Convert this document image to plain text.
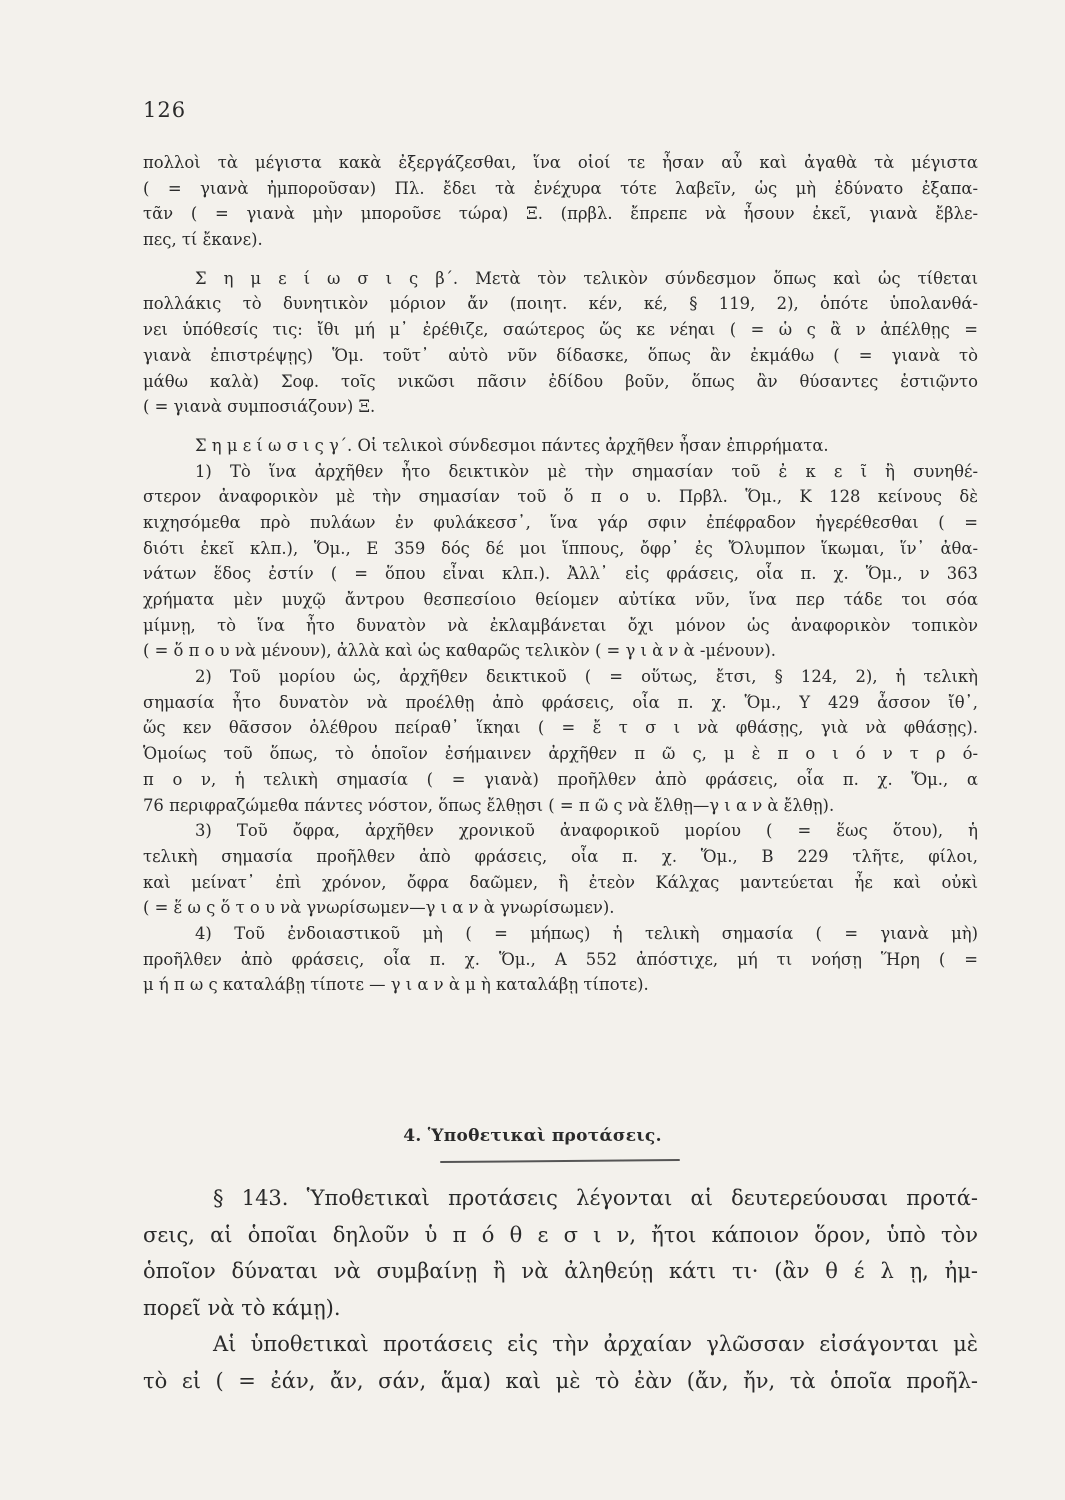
126
πολλοὶ τὰ μέγιστα κακὰ ἐξεργάζεσθαι, ἵνα οἱοί τε ἦσαν αὖ καὶ ἀγαθὰ τὰ μέγιστα
( = γιανὰ ἠμποροῦσαν) Πλ. ἔδει τὰ ἐνέχυρα τότε λαβεῖν, ὡς μὴ ἐδύνατο ἐξαπα-
τᾶν ( = γιανὰ μὴν μποροῦσε τώρα) Ξ. (πρβλ. ἔπρεπε νὰ ἦσουν ἐκεῖ, γιανὰ ἔβλε-
πες, τί ἔκανε).
Σ η μ ε ί ω σ ι ς β΄. Μετὰ τὸν τελικὸν σύνδεσμον ὅπως καὶ ὡς τίθεται
πολλάκις τὸ δυνητικὸν μόριον ἄν (ποιητ. κέν, κέ, § 119, 2), ὁπότε ὑπολανθά-
νει ὑπόθεσίς τις: ἴθι μή μ᾽ ἐρέθιζε, σαώτερος ὥς κε νέηαι ( = ὡ ς ἂ ν ἀπέλθῃς =
γιανὰ ἐπιστρέψῃς) Ὅμ. τοῦτ᾽ αὐτὸ νῦν δίδασκε, ὅπως ἂν ἐκμάθω ( = γιανὰ τὸ
μάθω καλὰ) Σοφ. τοῖς νικῶσι πᾶσιν ἐδίδου βοῦν, ὅπως ἂν θύσαντες ἑστιῷντο
( = γιανὰ συμποσιάζουν) Ξ.
Σ η μ ε ί ω σ ι ς γ΄. Οἱ τελικοὶ σύνδεσμοι πάντες ἀρχῆθεν ἦσαν ἐπιρρήματα.
1) Τὸ ἵνα ἀρχῆθεν ἦτο δεικτικὸν μὲ τὴν σημασίαν τοῦ ἐ κ ε ῖ ἢ συνηθέ-
στερον ἀναφορικὸν μὲ τὴν σημασίαν τοῦ ὅ π ο υ. Πρβλ. Ὅμ., Κ 128 κείνους δὲ
κιχησόμεθα πρὸ πυλάων ἐν φυλάκεσσ᾽, ἵνα γάρ σφιν ἐπέφραδον ἠγερέθεσθαι ( =
διότι ἐκεῖ κλπ.), Ὅμ., Ε 359 δός δέ μοι ἵππους, ὄφρ᾽ ἐς Ὄλυμπον ἵκωμαι, ἵν᾽ ἀθα-
νάτων ἕδος ἐστίν ( = ὅπου εἶναι κλπ.). Ἀλλ᾽ εἰς φράσεις, οἷα π. χ. Ὅμ., ν 363
χρήματα μὲν μυχῷ ἄντρου θεσπεσίοιο θείομεν αὐτίκα νῦν, ἵνα περ τάδε τοι σόα
μίμνῃ, τὸ ἵνα ἦτο δυνατὸν νὰ ἐκλαμβάνεται ὄχι μόνον ὡς ἀναφορικὸν τοπικὸν
( = ὅ π ο υ νὰ μένουν), ἀλλὰ καὶ ὡς καθαρῶς τελικὸν ( = γ ι ὰ ν ὰ -μένουν).
2) Τοῦ μορίου ὡς, ἀρχῆθεν δεικτικοῦ ( = οὕτως, ἔτσι, § 124, 2), ἡ τελικὴ
σημασία ἦτο δυνατὸν νὰ προέλθῃ ἀπὸ φράσεις, οἷα π. χ. Ὅμ., Υ 429 ἆσσον ἴθ᾽,
ὥς κεν θᾶσσον ὀλέθρου πείραθ᾽ ἵκηαι ( = ἔ τ σ ι νὰ φθάσῃς, γιὰ νὰ φθάσῃς).
Ὁμοίως τοῦ ὅπως, τὸ ὁποῖον ἐσήμαινεν ἀρχῆθεν π ῶ ς, μ ὲ π ο ι ό ν τ ρ ό-
π ο ν, ἡ τελικὴ σημασία ( = γιανὰ) προῆλθεν ἀπὸ φράσεις, οἷα π. χ. Ὅμ., α
76 περιφραζώμεθα πάντες νόστον, ὅπως ἔλθῃσι ( = π ῶ ς νὰ ἔλθῃ—γ ι α ν ὰ ἔλθῃ).
3) Τοῦ ὄφρα, ἀρχῆθεν χρονικοῦ ἀναφορικοῦ μορίου ( = ἕως ὅτου), ἡ
τελικὴ σημασία προῆλθεν ἀπὸ φράσεις, οἷα π. χ. Ὅμ., Β 229 τλῆτε, φίλοι,
καὶ μείνατ᾽ ἐπὶ χρόνον, ὄφρα δαῶμεν, ἢ ἐτεὸν Κάλχας μαντεύεται ἦε καὶ οὐκὶ
( = ἕ ω ς ὅ τ ο υ νὰ γνωρίσωμεν—γ ι α ν ὰ γνωρίσωμεν).
4) Τοῦ ἐνδοιαστικοῦ μὴ ( = μήπως) ἡ τελικὴ σημασία ( = γιανὰ μὴ)
προῆλθεν ἀπὸ φράσεις, οἷα π. χ. Ὅμ., Α 552 ἀπόστιχε, μή τι νοήσῃ Ἥρη ( =
μ ή π ω ς καταλάβῃ τίποτε — γ ι α ν ὰ μ ὴ καταλάβῃ τίποτε).
4. Ὑποθετικαὶ προτάσεις.
§ 143. Ὑποθετικαὶ προτάσεις λέγονται αἱ δευτερεύουσαι προτά-
σεις, αἱ ὁποῖαι δηλοῦν ὑ π ό θ ε σ ι ν, ἤτοι κάποιον ὅρον, ὑπὸ τὸν
ὁποῖον δύναται νὰ συμβαίνῃ ἢ νὰ ἀληθεύῃ κάτι τι· (ἂν θ έ λ ῃ, ἠμ-
πορεῖ νὰ τὸ κάμῃ).
Αἱ ὑποθετικαὶ προτάσεις εἰς τὴν ἀρχαίαν γλῶσσαν εἰσάγονται μὲ
τὸ εἰ ( = ἐάν, ἄν, σάν, ἅμα) καὶ μὲ τὸ ἐὰν (ἄν, ἤν, τὰ ὁποῖα προῆλ-
